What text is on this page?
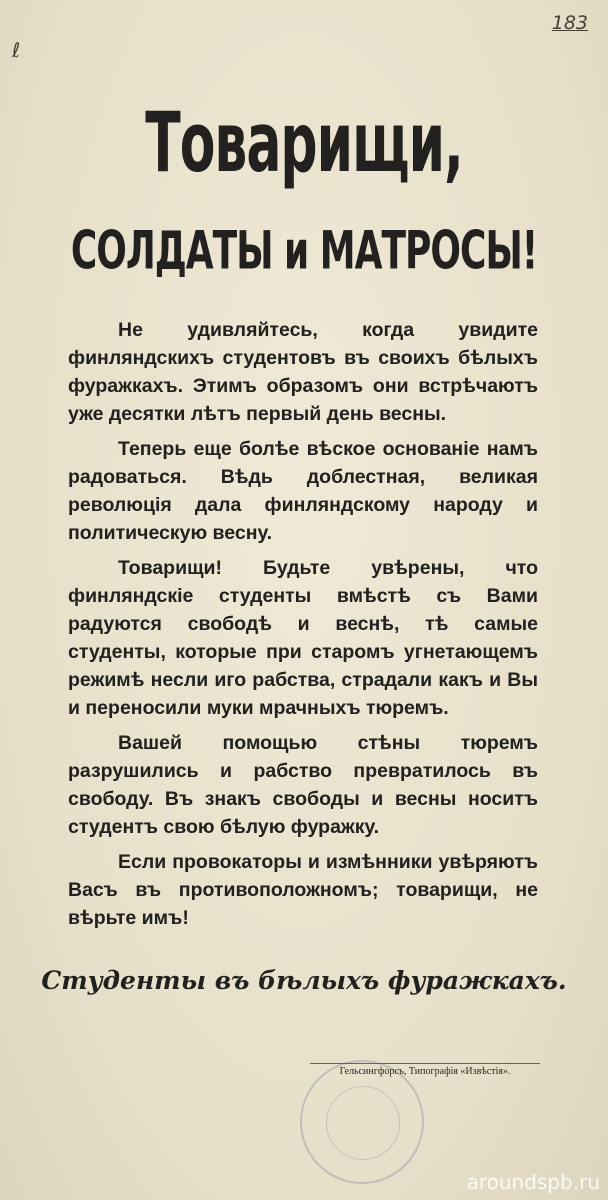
ℓ
183
Товарищи,
СОЛДАТЫ и МАТРОСЫ!

Не удивляйтесь, когда увидите финляндскихъ студентовъ въ своихъ бѣлыхъ фуражкахъ. Этимъ образомъ они встрѣчаютъ уже десятки лѣтъ первый день весны.

Теперь еще болѣе вѣское основаніе намъ радоваться. Вѣдь доблестная, великая революція дала финляндскому народу и политическую весну.

Товарищи! Будьте увѣрены, что финляндскіе студенты вмѣстѣ съ Вами радуются свободѣ и веснѣ, тѣ самые студенты, которые при старомъ угнетающемъ режимѣ несли иго рабства, страдали какъ и Вы и переносили муки мрачныхъ тюремъ.

Вашей помощью стѣны тюремъ разрушились и рабство превратилось въ свободу. Въ знакъ свободы и весны носитъ студентъ свою бѣлую фуражку.

Если провокаторы и измѣнники увѣряютъ Васъ въ противоположномъ; товарищи, не вѣрьте имъ!

Студенты въ бѣлыхъ фуражкахъ.
Гельсингфорсъ, Типографія «Извѣстія».
aroundspb.ru
